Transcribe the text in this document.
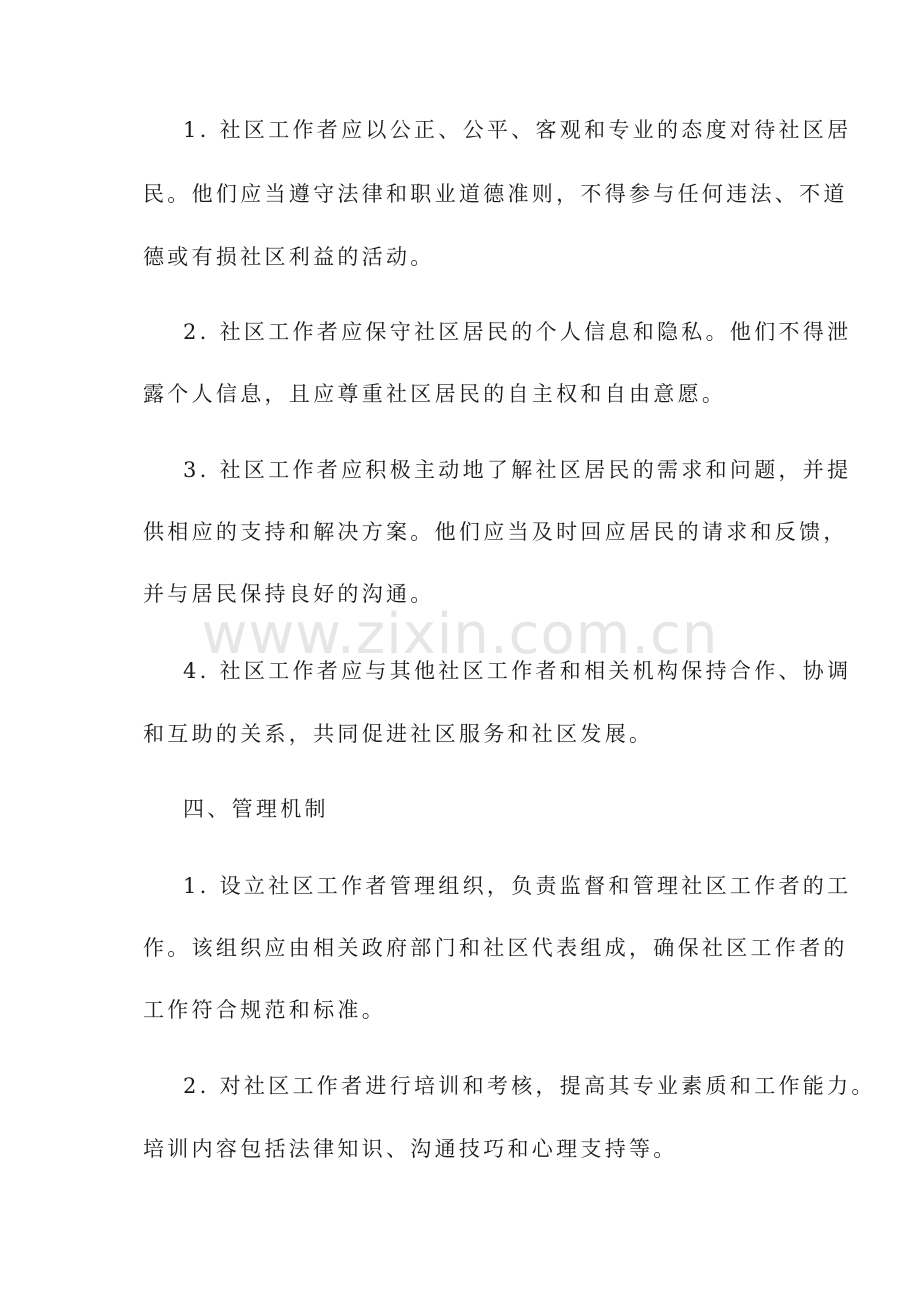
www.zixin.com.cn
1. 社区工作者应以公正、公平、客观和专业的态度对待社区居
民。他们应当遵守法律和职业道德准则，不得参与任何违法、不道
德或有损社区利益的活动。
2. 社区工作者应保守社区居民的个人信息和隐私。他们不得泄
露个人信息，且应尊重社区居民的自主权和自由意愿。
3. 社区工作者应积极主动地了解社区居民的需求和问题，并提
供相应的支持和解决方案。他们应当及时回应居民的请求和反馈，
并与居民保持良好的沟通。
4. 社区工作者应与其他社区工作者和相关机构保持合作、协调
和互助的关系，共同促进社区服务和社区发展。
四、管理机制
1. 设立社区工作者管理组织，负责监督和管理社区工作者的工
作。该组织应由相关政府部门和社区代表组成，确保社区工作者的
工作符合规范和标准。
2. 对社区工作者进行培训和考核，提高其专业素质和工作能力。
培训内容包括法律知识、沟通技巧和心理支持等。
